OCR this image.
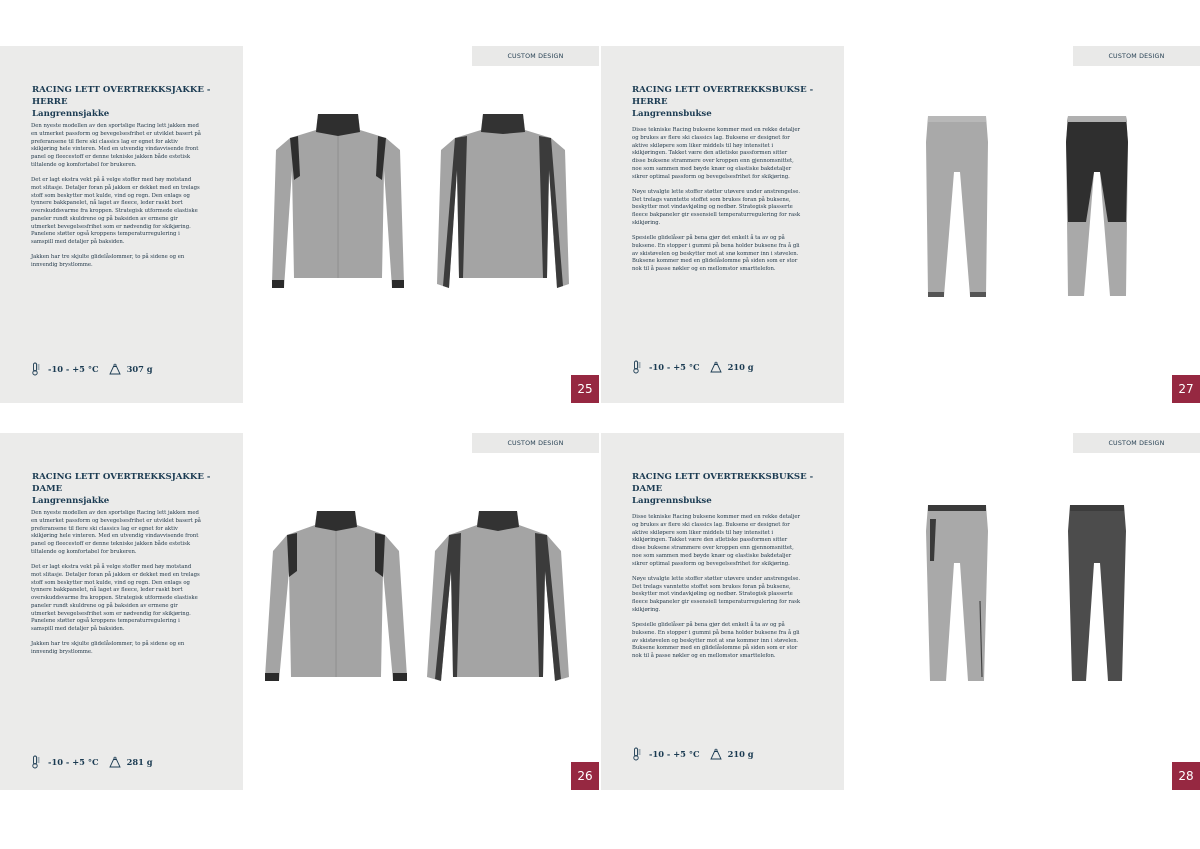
RACING LETT OVERTREKKSJAKKE - HERRE
Langrennsjakke

Den nyeste modellen av den sportslige Racing lett jakken med en utmerket passform og bevegelsesfrihet er utviklet basert på preferansene til flere ski classics lag er egnet for aktiv skikjøring hele vinteren. Med en utvendig vindavvisende front panel og fleecestoff er denne tekniske jakken både estetisk tiltalende og komfortabel for brukeren.

Det er lagt ekstra vekt på å velge stoffer med høy motstand mot slitasje. Detaljer foran på jakken er dekket med en trelags stoff som beskytter mot kulde, vind og regn. Den enlags og tynnere bakkpanelet, nå laget av fleece, leder raskt bort overskuddsvarme fra kroppen. Strategisk utformede elastiske paneler rundt skuldrene og på baksiden av ermene gir utmerket bevegelsesfrihet som er nødvendig for skikjøring. Panelene støtter også kroppens temperaturregulering i samspill med detaljer på baksiden.

Jakken har tre skjulte glidelåslommer, to på sidene og en innvendig brystlomme.

-10 - +5 °C	307 g
CUSTOM DESIGN
25
RACING LETT OVERTREKKSBUKSE - HERRE
Langrennsbukse

Disse tekniske Racing buksene kommer med en rekke detaljer og brukes av flere ski classics lag. Buksene er designet for aktive skiløpere som liker middels til høy intensitet i skikjøringen. Takket være den atletiske passformen sitter disse buksene strammere over kroppen enn gjennomsnittet, noe som sammen med bøyde knær og elastiske bakdetaljer sikrer optimal passform og bevegelsesfrihet for skikjøring.

Nøye utvalgte lette stoffer støtter utøvere under anstrengelse. Det trelags vanntette stoffet som brukes foran på buksene, beskytter mot vindavkjøling og nedbør. Strategisk plasserte fleece bakpaneler gir essensiell temperaturregulering for rask skikjøring.

Spesielle glidelåser på bena gjør det enkelt å ta av og på buksene. En stopper i gummi på bena holder buksene fra å gli av skistøvelen og beskytter mot at snø kommer inn i støvelen. Buksene kommer med en glidelåslomme på siden som er stor nok til å passe nøkler og en mellomstor smarttelefon.

-10 - +5 °C	210 g
CUSTOM DESIGN
27
RACING LETT OVERTREKKSJAKKE - DAME
Langrennsjakke

Den nyeste modellen av den sportslige Racing lett jakken med en utmerket passform og bevegelsesfrihet er utviklet basert på preferansene til flere ski classics lag er egnet for aktiv skikjøring hele vinteren. Med en utvendig vindavvisende front panel og fleecestoff er denne tekniske jakken både estetisk tiltalende og komfortabel for brukeren.

Det er lagt ekstra vekt på å velge stoffer med høy motstand mot slitasje. Detaljer foran på jakken er dekket med en trelags stoff som beskytter mot kulde, vind og regn. Den enlags og tynnere bakkpanelet, nå laget av fleece, leder raskt bort overskuddsvarme fra kroppen. Strategisk utformede elastiske paneler rundt skuldrene og på baksiden av ermene gir utmerket bevegelsesfrihet som er nødvendig for skikjøring. Panelene støtter også kroppens temperaturregulering i samspill med detaljer på baksiden.

Jakken har tre skjulte glidelåslommer, to på sidene og en innvendig brystlomme.

-10 - +5 °C	281 g
CUSTOM DESIGN
26
RACING LETT OVERTREKKSBUKSE - DAME
Langrennsbukse

Disse tekniske Racing buksene kommer med en rekke detaljer og brukes av flere ski classics lag. Buksene er designet for aktive skiløpere som liker middels til høy intensitet i skikjøringen. Takket være den atletiske passformen sitter disse buksene strammere over kroppen enn gjennomsnittet, noe som sammen med bøyde knær og elastiske bakdetaljer sikrer optimal passform og bevegelsesfrihet for skikjøring.

Nøye utvalgte lette stoffer støtter utøvere under anstrengelse. Det trelags vanntette stoffet som brukes foran på buksene, beskytter mot vindavkjøling og nedbør. Strategisk plasserte fleece bakpaneler gir essensiell temperaturregulering for rask skikjøring.

Spesielle glidelåser på bena gjør det enkelt å ta av og på buksene. En stopper i gummi på bena holder buksene fra å gli av skistøvelen og beskytter mot at snø kommer inn i støvelen. Buksene kommer med en glidelåslomme på siden som er stor nok til å passe nøkler og en mellomstor smarttelefon.

-10 - +5 °C	210 g
CUSTOM DESIGN
28
